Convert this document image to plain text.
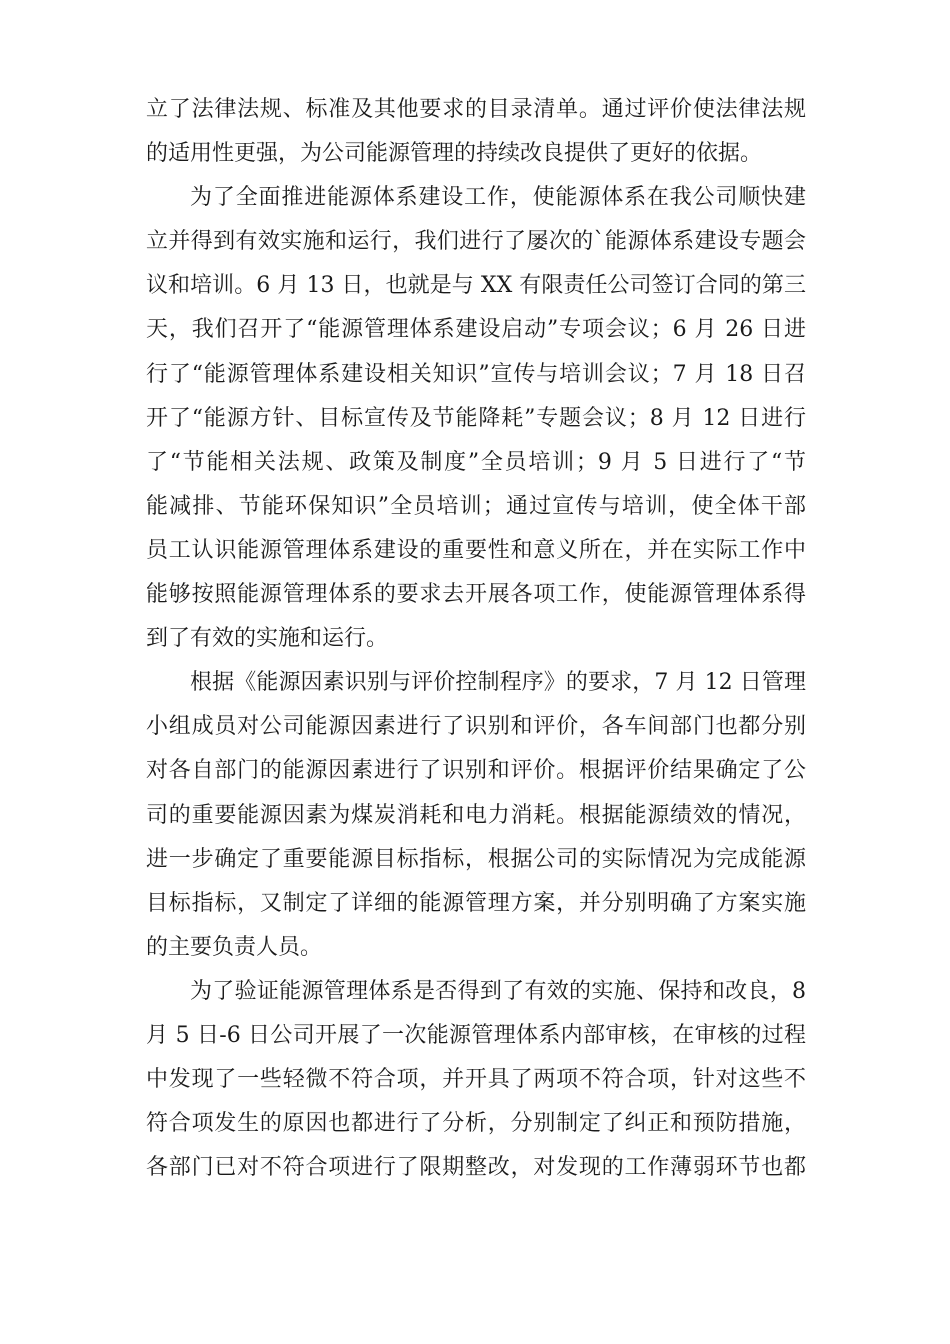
立了法律法规、标准及其他要求的目录清单。通过评价使法律法规
的适用性更强，为公司能源管理的持续改良提供了更好的依据。
为了全面推进能源体系建设工作，使能源体系在我公司顺快建
立并得到有效实施和运行，我们进行了屡次的`能源体系建设专题会
议和培训。6 月 13 日，也就是与 XX 有限责任公司签订合同的第三
天，我们召开了“能源管理体系建设启动”专项会议；6 月 26 日进
行了“能源管理体系建设相关知识”宣传与培训会议；7 月 18 日召
开了“能源方针、目标宣传及节能降耗”专题会议；8 月 12 日进行
了“节能相关法规、政策及制度”全员培训；9 月 5 日进行了“节
能减排、节能环保知识”全员培训；通过宣传与培训，使全体干部
员工认识能源管理体系建设的重要性和意义所在，并在实际工作中
能够按照能源管理体系的要求去开展各项工作，使能源管理体系得
到了有效的实施和运行。
根据《能源因素识别与评价控制程序》的要求，7 月 12 日管理
小组成员对公司能源因素进行了识别和评价，各车间部门也都分别
对各自部门的能源因素进行了识别和评价。根据评价结果确定了公
司的重要能源因素为煤炭消耗和电力消耗。根据能源绩效的情况，
进一步确定了重要能源目标指标，根据公司的实际情况为完成能源
目标指标，又制定了详细的能源管理方案，并分别明确了方案实施
的主要负责人员。
为了验证能源管理体系是否得到了有效的实施、保持和改良，8
月 5 日-6 日公司开展了一次能源管理体系内部审核，在审核的过程
中发现了一些轻微不符合项，并开具了两项不符合项，针对这些不
符合项发生的原因也都进行了分析，分别制定了纠正和预防措施，
各部门已对不符合项进行了限期整改，对发现的工作薄弱环节也都
